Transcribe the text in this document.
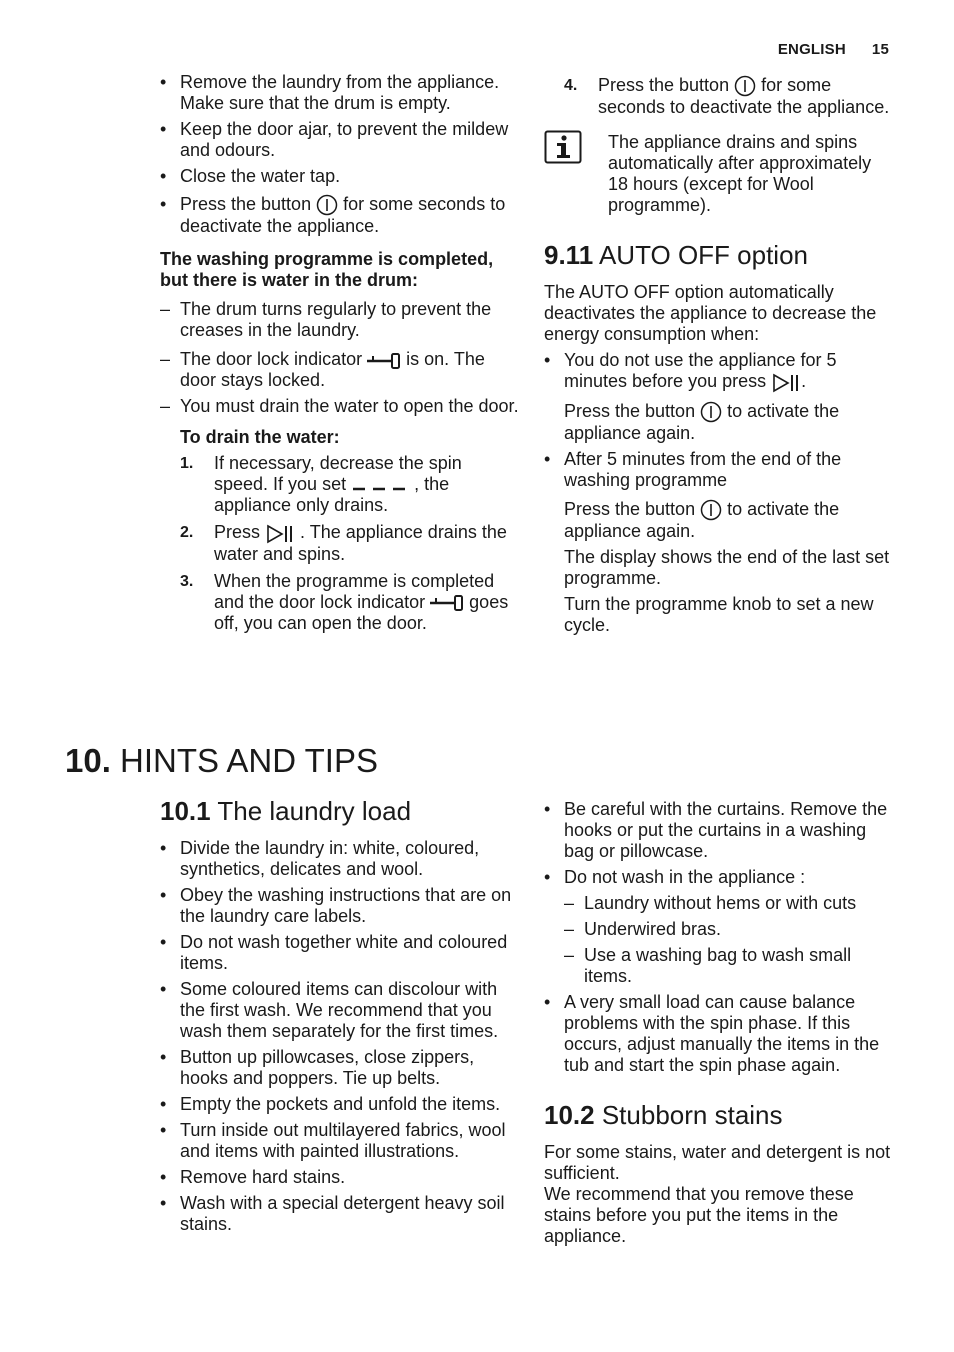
ENGLISH 15
• Remove the laundry from the appliance. Make sure that the drum is empty.
• Keep the door ajar, to prevent the mildew and odours.
• Close the water tap.
• Press the button for some seconds to deactivate the appliance.
The washing programme is completed, but there is water in the drum:
– The drum turns regularly to prevent the creases in the laundry.
– The door lock indicator is on. The door stays locked.
– You must drain the water to open the door.
To drain the water:
1. If necessary, decrease the spin speed. If you set	, the appliance only drains.
2. Press . The appliance drains the water and spins.
3. When the programme is completed and the door lock indicator goes off, you can open the door.
4. Press the button for some seconds to deactivate the appliance.
The appliance drains and spins automatically after approximately 18 hours (except for Wool programme).
9.11 AUTO OFF option
The AUTO OFF option automatically deactivates the appliance to decrease the energy consumption when:
• You do not use the appliance for 5 minutes before you press .
Press the button to activate the appliance again.
• After 5 minutes from the end of the washing programme
Press the button to activate the appliance again.
The display shows the end of the last set programme.
Turn the programme knob to set a new cycle.
10. HINTS AND TIPS
10.1 The laundry load
• Divide the laundry in: white, coloured, synthetics, delicates and wool.
• Obey the washing instructions that are on the laundry care labels.
• Do not wash together white and coloured items.
• Some coloured items can discolour with the first wash. We recommend that you wash them separately for the first times.
• Button up pillowcases, close zippers, hooks and poppers. Tie up belts.
• Empty the pockets and unfold the items.
• Turn inside out multilayered fabrics, wool and items with painted illustrations.
• Remove hard stains.
• Wash with a special detergent heavy soil stains.
• Be careful with the curtains. Remove the hooks or put the curtains in a washing bag or pillowcase.
• Do not wash in the appliance :
– Laundry without hems or with cuts
– Underwired bras.
– Use a washing bag to wash small items.
• A very small load can cause balance problems with the spin phase. If this occurs, adjust manually the items in the tub and start the spin phase again.
10.2 Stubborn stains
For some stains, water and detergent is not sufficient.
We recommend that you remove these stains before you put the items in the appliance.
